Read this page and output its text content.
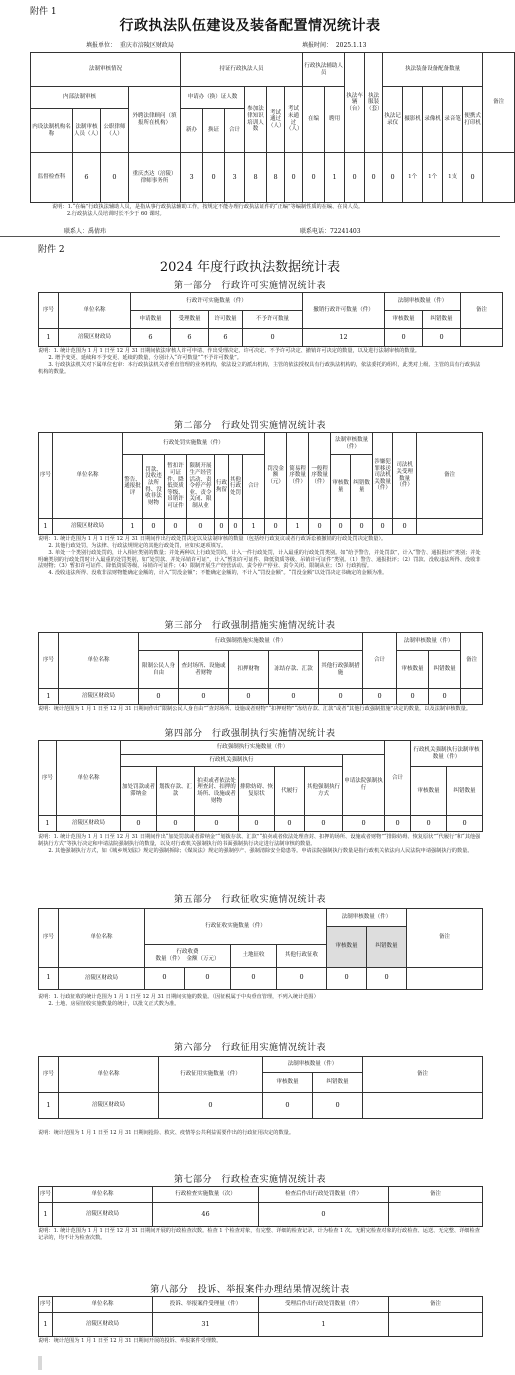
附件 1
行政执法队伍建设及装备配置情况统计表
填报单位： 重庆市涪陵区财政局	填报时间： 2025.1.13
法制审核情况				持证行政执法人员						行政执法辅助人员		执法车辆（台）	执法服装（套）	执法装备设备配备数量					备注
内部法制审核			外聘法律顾问（填报所在机构）	申请办（换）证人数			参加法律知识培训人数	考试通过（人）	考试未通过（人）	在编	聘用			执法记录仪	摄影机	录像机	录音笔	便携式打印机	
内设法制机构名称	法制审核人员（人）	公职律师（人）		新办	换证	合计													
监督检查科	6	0	重庆杰达（涪陵）律师事务所	3	0	3	8	8	0	0	1	0	0	0	1个	1个	1支	0	
说明：1.“在编”行政执法辅助人员，是指从事行政执法辅助工作，按规定不能办理行政执法证件的“正编”等编制性质的在编、在岗人员。
2.行政执法人员培训时长不少于 60 课时。
联系人：禹倩玮	联系电话：72241403
附件 2
2024 年度行政执法数据统计表
第一部分　行政许可实施情况统计表
序号	单位名称	行政许可实施数量（件）				撤销行政许可数量（件）	法制审核数量（件）		备注
		申请数量	受理数量	许可数量	不予许可数量		审核数量	纠错数量	
1	涪陵区财政局	6	6	6	0	12	0	0	
说明：1. 统计范围为 1 月 1 日至 12 月 31 日期间依法审核人许可申请、作出受理决定、许可决定、不予许可决定、撤销许可决定的数量，以及进行法制审核的数量。
　　2. 增予变更、延续和不予变更、延续的数量，分别计入“许可数量”“不予许可数量”。
　　3. 行政执法机关对下属单位也审：本行政执法机关者垂直管理的业务机构，依法设立的派出机构，主管的依法授权具有行政执法机构的，依法委托的组织，此类对上级、主管的具有行政执法机构的数量。
第二部分　行政处罚实施情况统计表
序号	单位名称	行政处罚实施数量（件）							罚没金额（元）	简易程序数量（件）	一般程序数量（件）	法制审核数量（件）		涉嫌犯罪移送司法机关数量（件）	司法机关受理数量（件）	备注
		警告、通报批评	罚款、没收违法所得、没收非法财物	暂扣许可证件、降低资质等级、吊销许可证件	限制开展生产经营活动、责令停产停业、责令关闭、限制从业	行政拘留	其他行政处罚	合计				审核数量	纠错数量			
1	涪陵区财政局	1	0	0	0	0	0	1	0	1	0	0	0	0	0	
说明：1. 统计范围为 1 月 1 日至 12 月 31 日期间作出行政处罚决定以及法制审核的数量（包括经行政复议或者行政诉讼被撤销的行政处罚决定数量）。
　　2. 其他行政处罚，为法律、行政法规规定的其他行政处罚，应如实逐项填写。
　　3. 单处一个类别行政处罚的，计入相应类别的数量；并处两种以上行政处罚的，计入一件行政处罚，计入最重的行政处罚类别。如“给予警告，并处罚款”，计入“警告、通报批评”类别；并处明确类别的行政处罚时计入最重的处罚类别，如“处罚款、并处吊销许可证”，计入“暂扣许可证件、降低资质等级、吊销许可证件”类别。（1）警告、通报批评；（2）罚款、没收违法所得、没收非法财物；（3）暂扣许可证件、降低资质等级、吊销许可证件；（4）限制开展生产经营活动、责令停产停业、责令关闭、限制从业；（5）行政拘留。
　　4. 没收违法所得、没收非法财物能确定金额的，计入“罚没金额”；不能确定金额的，不计入“罚没金额”。“罚没金额”以处罚决定书确定的金额为准。
第三部分　行政强制措施实施情况统计表
序号	单位名称	行政强制措施实施数量（件）					合计	法制审核数量（件）		备注
		限制公民人身自由	查封场所、设施或者财物	扣押财物	冻结存款、汇款	其他行政强制措施		审核数量	纠错数量	
1	涪陵区财政局	0	0	0	0	0	0	0	0	
说明：统计范围为 1 月 1 日至 12 月 31 日期间作出“限制公民人身自由”“查封场所、设施或者财物”“扣押财物”“冻结存款、汇款”或者“其他行政强制措施”决定的数量，以及法制审核数量。
第四部分　行政强制执行实施情况统计表
序号	单位名称	行政强制执行实施数量（件）							合计	行政机关强制执行法制审核数量（件）	
		行政机关强制执行						申请法院强制执行			
		加处罚款或者滞纳金	划拨存款、汇款	拍卖或者依法处理查封、扣押的场所、设施或者财物	排除妨碍、恢复原状	代履行	其他强制执行方式			审核数量	纠错数量
1	涪陵区财政局	0	0	0	0	0	0	0	0	0	0
说明：1. 统计范围为 1 月 1 日至 12 月 31 日期间作出“加处罚款或者滞纳金”“划拨存款、汇款”“拍卖或者依法处理查封、扣押的场所、设施或者财物”“排除妨碍、恢复原状”“代履行”和“其他强制执行方式”等执行决定和申请法院强制执行的数量，以及对行政机关强制执行的书面强制执行决定进行法制审核的数量。
　　2. 其他强制执行方式，如《城乡规划法》规定的强制拆除；《煤炭法》规定的强制停产、强制清除安全隐患等。申请法院强制执行数量是指行政机关依法向人民法院申请强制执行的数量。
第五部分　行政征收实施情况统计表
序号	单位名称	行政征收实施数量（件）				法制审核数量（件）		备注
						审核数量	纠错数量	
		行政收费
数量（件） 金额（万元）		土地征收	其他行政征收			
1	涪陵区财政局	0	0	0	0	0	0	
说明：1. 行政征收的统计范围为 1 月 1 日至 12 月 31 日期间实施的数量。（因征税属于中央垂直管理，不列入统计范围）
　　2. 土地、房屋征收实施数量的统计，以批文正式数为准。
第六部分　行政征用实施情况统计表
序号	单位名称	行政征用实施数量（件）	法制审核数量（件）		备注
			审核数量	纠错数量	
1	涪陵区财政局	0	0	0	
说明：统计范围为 1 月 1 日至 12 月 31 日期间抢险、救灾、疫情等公共利益需要作出的行政征用决定的数量。
第七部分　行政检查实施情况统计表
序号	单位名称	行政检查实施数量（次）	检查后作出行政处罚数量（件）	备注
1	涪陵区财政局	46	0	
说明：1. 统计范围为 1 月 1 日至 12 月 31 日期间开展的行政检查次数。检查 1 个检查对象，有完整、详细的检查记录，计为检查 1 次。无附完检查对象的行政检查、运送、无完整、详细检查记录的，均不计为检查次数。
第八部分　投诉、举报案件办理结果情况统计表
序号	单位名称	投诉、举报案件受理量（件）	受理后作出行政处罚数量（件）	备注
1	涪陵区财政局	31	1	
说明：统计范围为 1 月 1 日至 12 月 31 日期间开展的投诉、举报案件受理数。
